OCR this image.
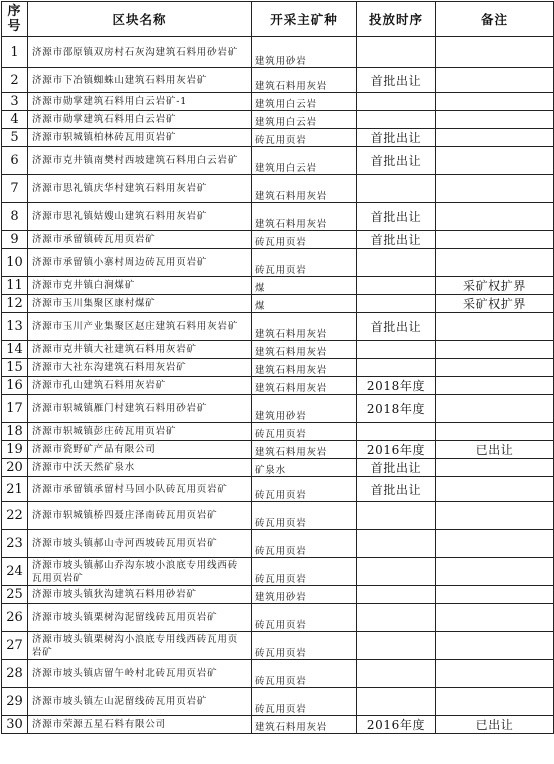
序号	区块名称	开采主矿种	投放时序	备注
1	济源市邵原镇双房村石灰沟建筑石料用砂岩矿	建筑用砂岩		
2	济源市下冶镇蜘蛛山建筑石料用灰岩矿	建筑石料用灰岩	首批出让	
3	济源市勋掌建筑石料用白云岩矿-1	建筑用白云岩		
4	济源市勋掌建筑石料用白云岩矿	建筑用白云岩		
5	济源市轵城镇柏林砖瓦用页岩矿	砖瓦用页岩	首批出让	
6	济源市克井镇南樊村西坡建筑石料用白云岩矿	建筑用白云岩	首批出让	
7	济源市思礼镇庆华村建筑石料用灰岩矿	建筑石料用灰岩		
8	济源市思礼镇姑嫂山建筑石料用灰岩矿	建筑石料用灰岩	首批出让	
9	济源市承留镇砖瓦用页岩矿	砖瓦用页岩	首批出让	
10	济源市承留镇小寨村周边砖瓦用页岩矿	砖瓦用页岩		
11	济源市克井镇白涧煤矿	煤		采矿权扩界
12	济源市玉川集聚区康村煤矿	煤		采矿权扩界
13	济源市玉川产业集聚区赵庄建筑石料用灰岩矿	建筑石料用灰岩	首批出让	
14	济源市克井镇大社建筑石料用灰岩矿	建筑石料用灰岩		
15	济源市大社东沟建筑石料用灰岩矿	建筑石料用灰岩		
16	济源市孔山建筑石料用灰岩矿	建筑石料用灰岩	2018年度	
17	济源市轵城镇雁门村建筑石料用砂岩矿	建筑用砂岩	2018年度	
18	济源市轵城镇彭庄砖瓦用页岩矿	砖瓦用页岩		
19	济源市瓷野矿产品有限公司	建筑石料用灰岩	2016年度	已出让
20	济源市中沃天然矿泉水	矿泉水	首批出让	
21	济源市承留镇承留村马回小队砖瓦用页岩矿	砖瓦用页岩	首批出让	
22	济源市轵城镇桥四聂庄泽南砖瓦用页岩矿	砖瓦用页岩		
23	济源市坡头镇郝山寺河西坡砖瓦用页岩矿	砖瓦用页岩		
24	济源市坡头镇郝山乔沟东坡小浪底专用线西砖瓦用页岩矿	砖瓦用页岩		
25	济源市坡头镇狄沟建筑石料用砂岩矿	建筑用砂岩		
26	济源市坡头镇栗树沟泥留线砖瓦用页岩矿	砖瓦用页岩		
27	济源市坡头镇栗树沟小浪底专用线西砖瓦用页岩矿	砖瓦用页岩		
28	济源市坡头镇店留午岭村北砖瓦用页岩矿	砖瓦用页岩		
29	济源市坡头镇左山泥留线砖瓦用页岩矿	砖瓦用页岩		
30	济源市荣源五星石料有限公司	建筑石料用灰岩	2016年度	已出让
